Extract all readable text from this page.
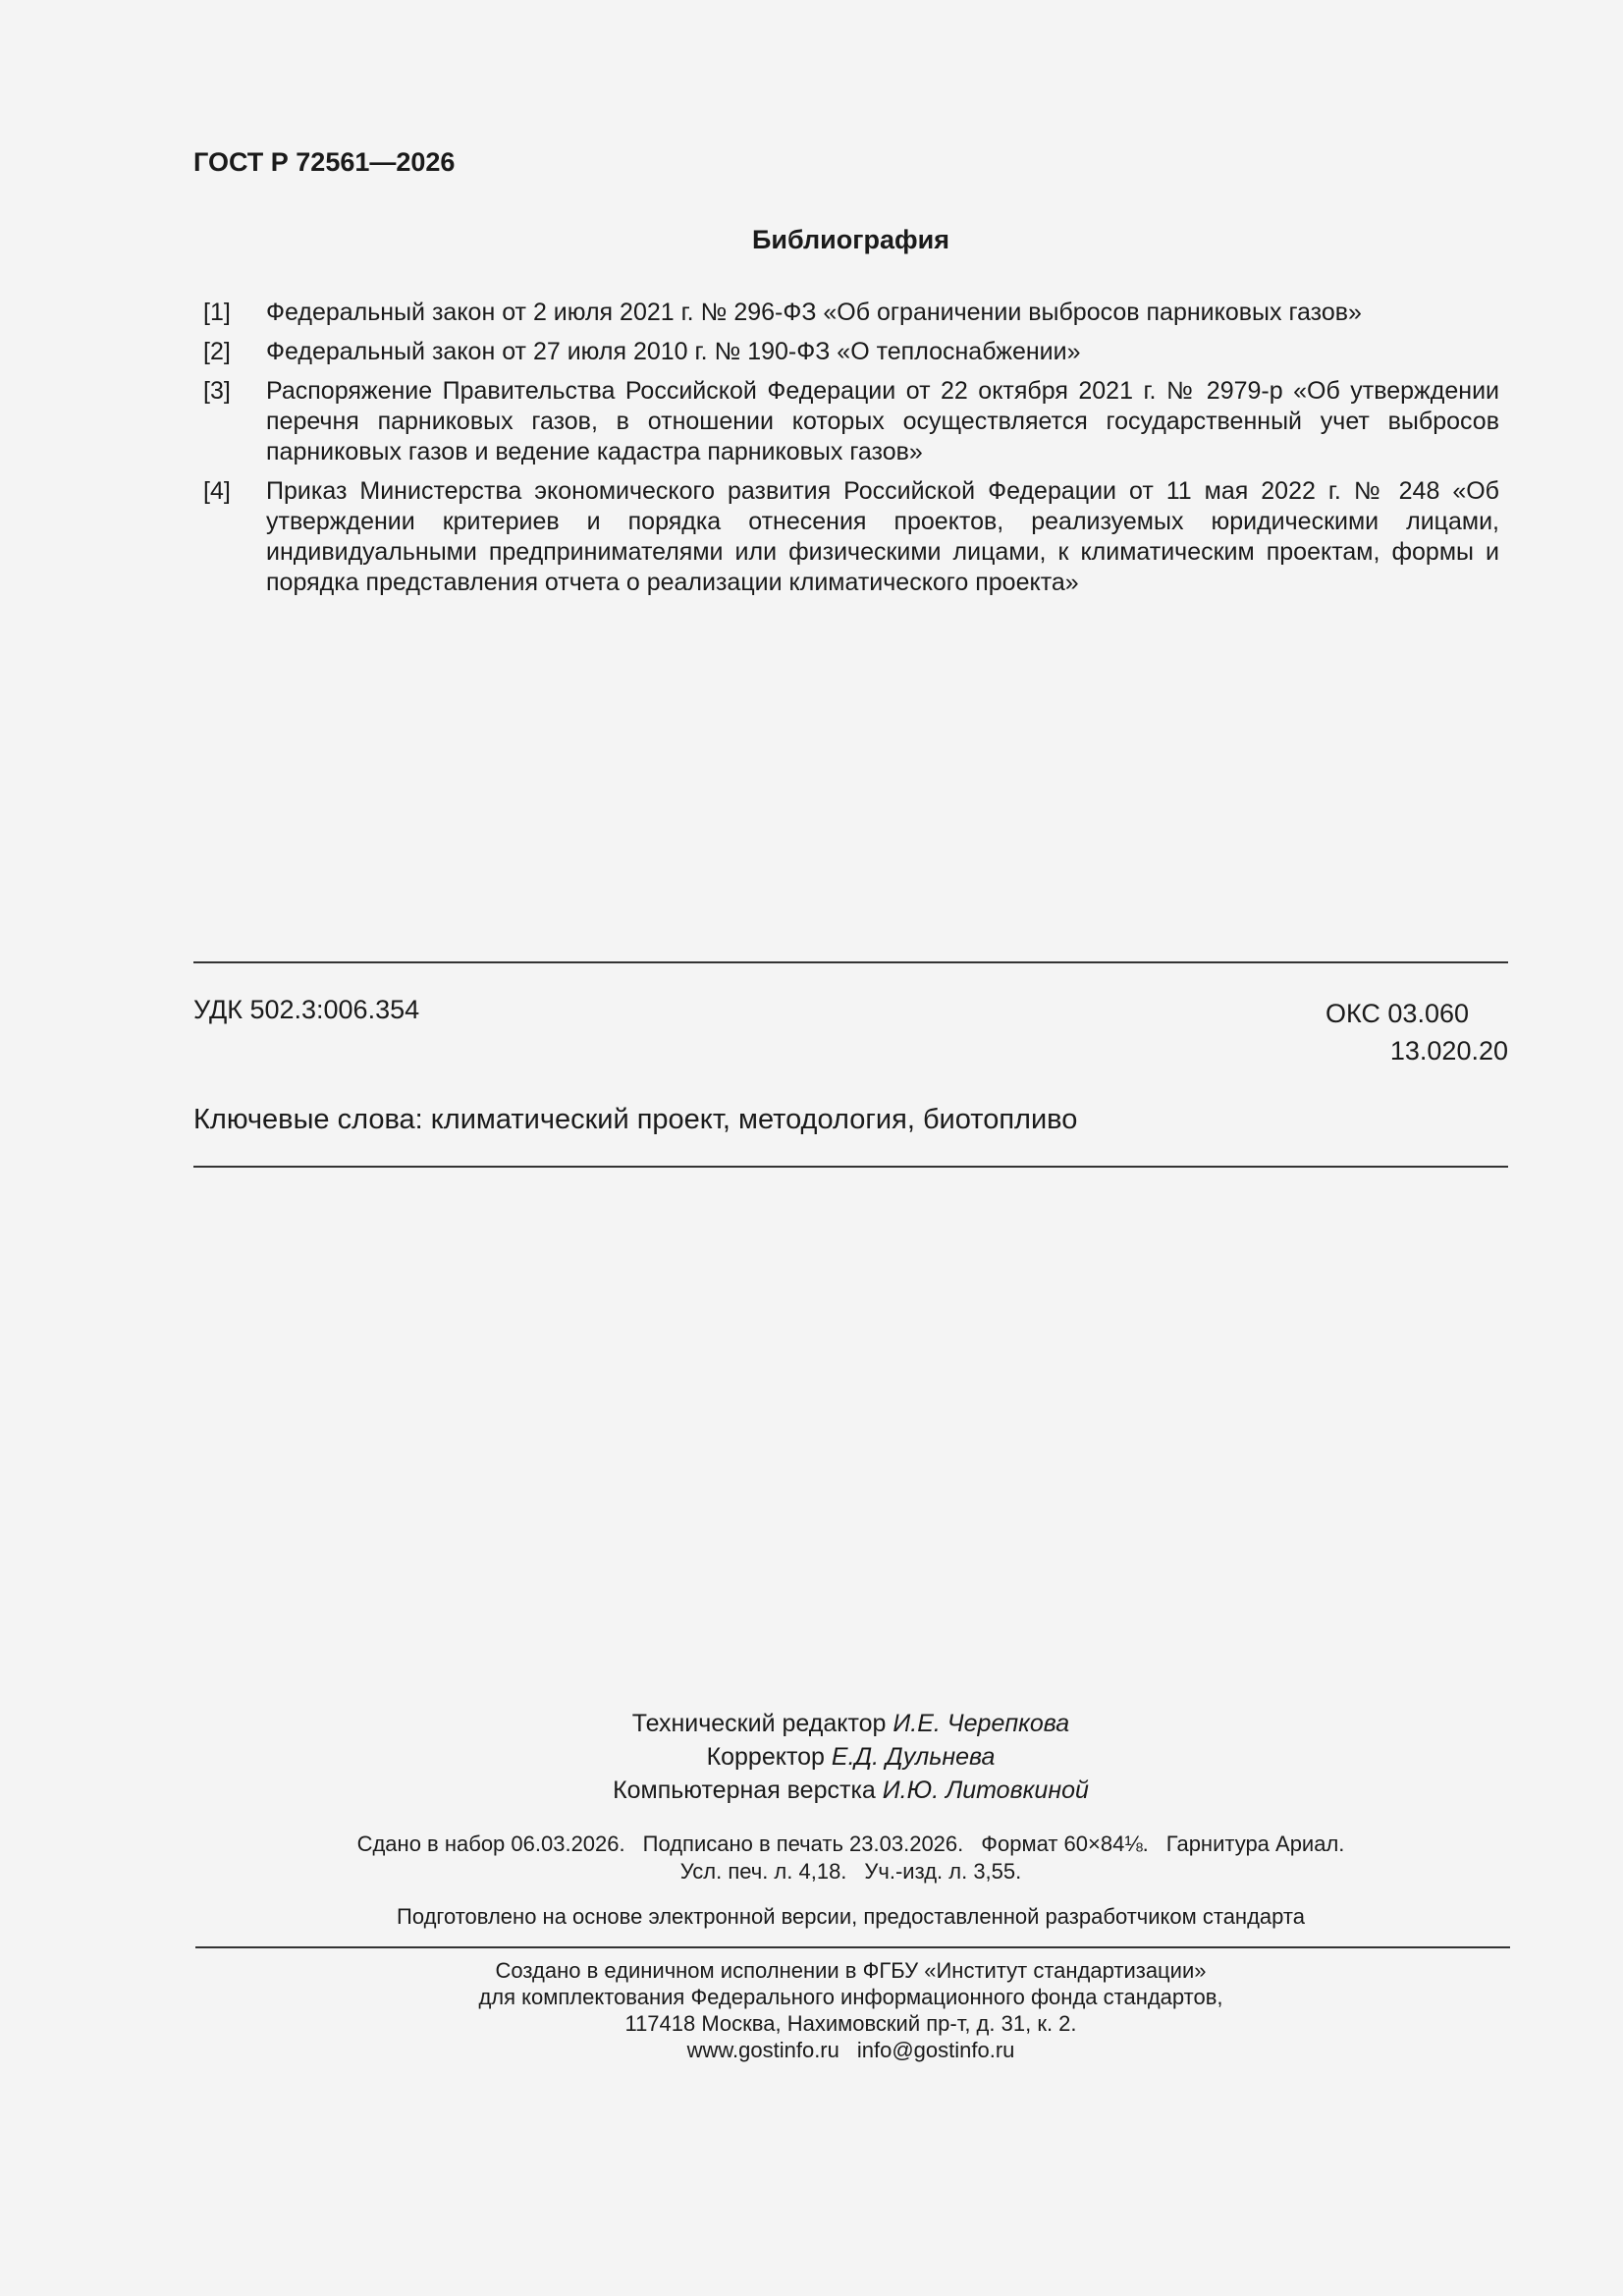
ГОСТ Р 72561—2026
Библиография
[1]	Федеральный закон от 2 июля 2021 г. № 296-ФЗ «Об ограничении выбросов парниковых газов»
[2]	Федеральный закон от 27 июля 2010 г. № 190-ФЗ «О теплоснабжении»
[3]	Распоряжение Правительства Российской Федерации от 22 октября 2021 г. № 2979-р «Об утверждении перечня парниковых газов, в отношении которых осуществляется государственный учет выбросов парниковых газов и ведение кадастра парниковых газов»
[4]	Приказ Министерства экономического развития Российской Федерации от 11 мая 2022 г. № 248 «Об утверждении критериев и порядка отнесения проектов, реализуемых юридическими лицами, индивидуальными предпринимателями или физическими лицами, к климатическим проектам, формы и порядка представления отчета о реализации климатического проекта»
УДК 502.3:006.354	ОКС 03.060
13.020.20
Ключевые слова: климатический проект, методология, биотопливо
Технический редактор И.Е. Черепкова
Корректор Е.Д. Дульнева
Компьютерная верстка И.Ю. Литовкиной
Сдано в набор 06.03.2026. Подписано в печать 23.03.2026. Формат 60×84⅛. Гарнитура Ариал.
Усл. печ. л. 4,18. Уч.-изд. л. 3,55.
Подготовлено на основе электронной версии, предоставленной разработчиком стандарта
Создано в единичном исполнении в ФГБУ «Институт стандартизации»
для комплектования Федерального информационного фонда стандартов,
117418 Москва, Нахимовский пр-т, д. 31, к. 2.
www.gostinfo.ru info@gostinfo.ru
